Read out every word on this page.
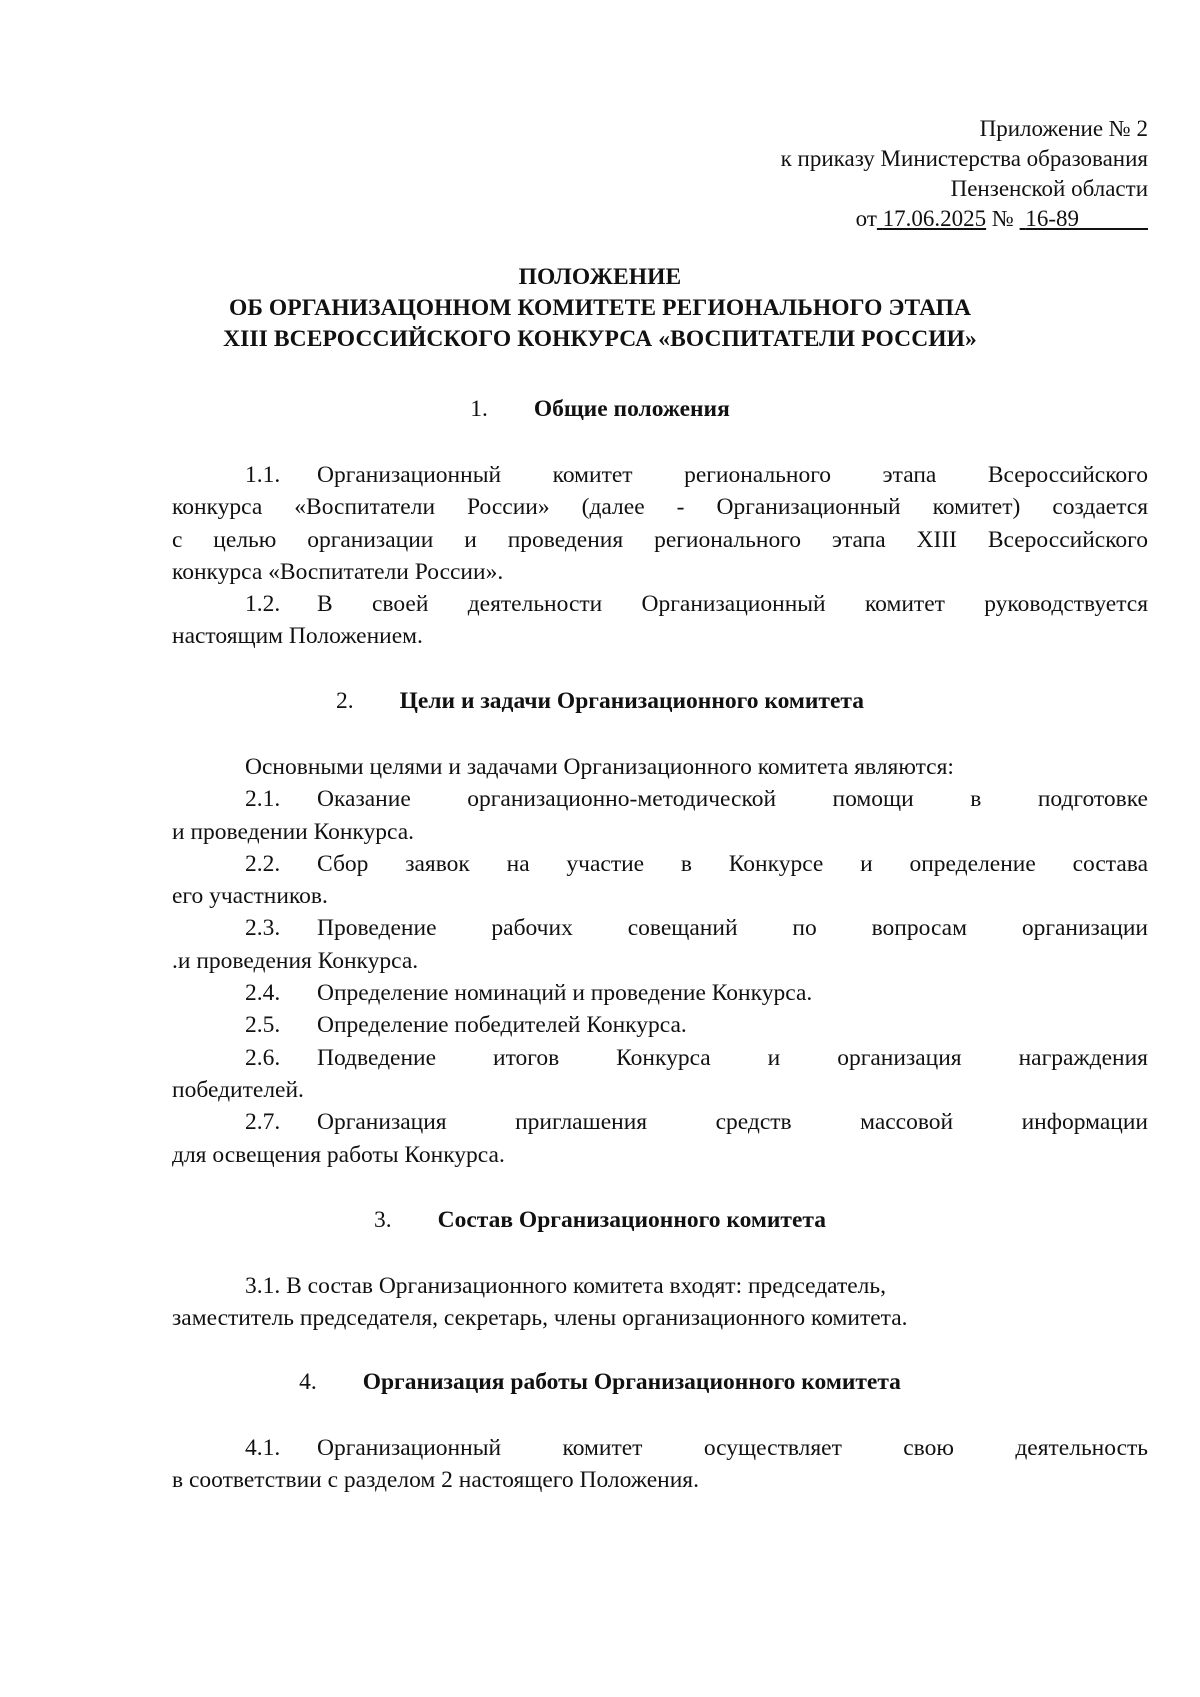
Приложение № 2
к приказу Министерства образования
Пензенской области
от 17.06.2025 № 16-89
ПОЛОЖЕНИЕ
ОБ ОРГАНИЗАЦОННОМ КОМИТЕТЕ РЕГИОНАЛЬНОГО ЭТАПА
XIII ВСЕРОССИЙСКОГО КОНКУРСА «ВОСПИТАТЕЛИ РОССИИ»
1. Общие положения
1.1. Организационный комитет регионального этапа Всероссийского
конкурса «Воспитатели России» (далее - Организационный комитет) создается
с целью организации и проведения регионального этапа XIII Всероссийского
конкурса «Воспитатели России».
1.2. В своей деятельности Организационный комитет руководствуется
настоящим Положением.
2. Цели и задачи Организационного комитета
Основными целями и задачами Организационного комитета являются:
2.1. Оказание организационно-методической помощи в подготовке
и проведении Конкурса.
2.2. Сбор заявок на участие в Конкурсе и определение состава
его участников.
2.3. Проведение рабочих совещаний по вопросам организации
.и проведения Конкурса.
2.4. Определение номинаций и проведение Конкурса.
2.5. Определение победителей Конкурса.
2.6. Подведение итогов Конкурса и организация награждения
победителей.
2.7. Организация приглашения средств массовой информации
для освещения работы Конкурса.
3. Состав Организационного комитета
3.1. В состав Организационного комитета входят: председатель,
заместитель председателя, секретарь, члены организационного комитета.
4. Организация работы Организационного комитета
4.1. Организационный комитет осуществляет свою деятельность
в соответствии с разделом 2 настоящего Положения.
